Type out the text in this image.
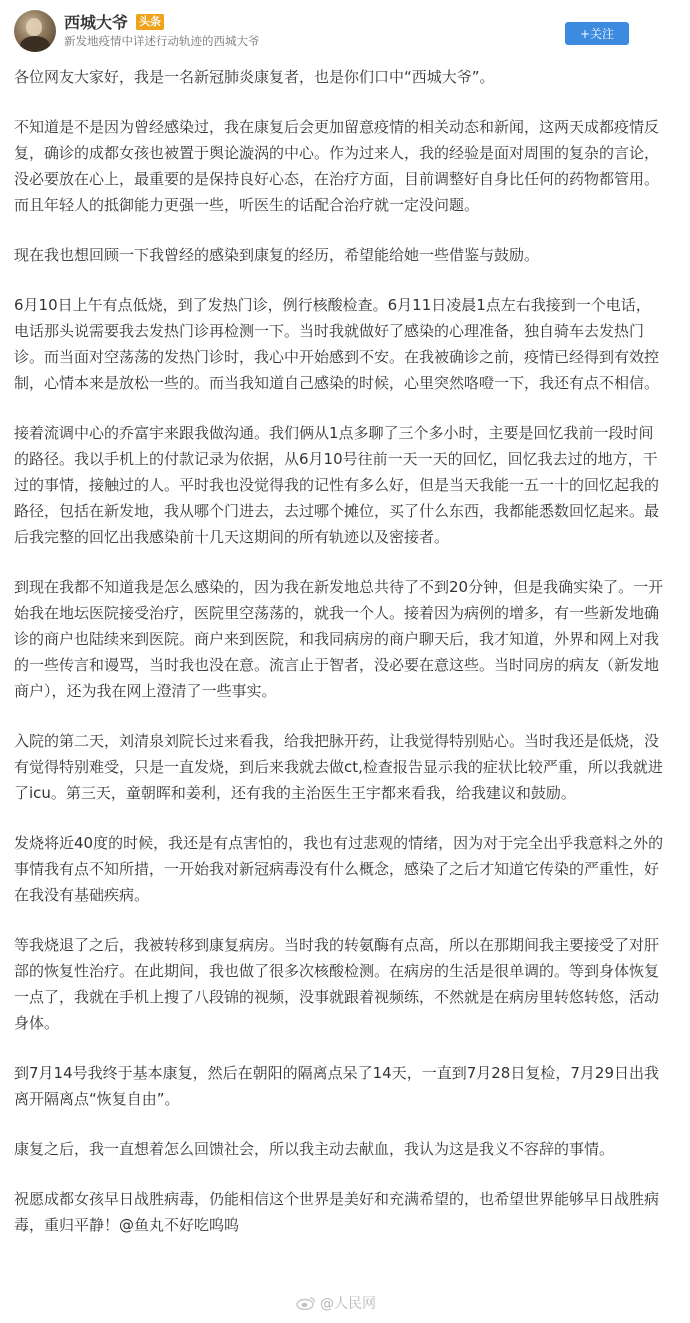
西城大爷 头条
新发地疫情中详述行动轨迹的西城大爷	+关注

各位网友大家好，我是一名新冠肺炎康复者，也是你们口中“西城大爷”。

不知道是不是因为曾经感染过，我在康复后会更加留意疫情的相关动态和新闻，这两天成都疫情反复，确诊的成都女孩也被置于舆论漩涡的中心。作为过来人，我的经验是面对周围的复杂的言论，没必要放在心上，最重要的是保持良好心态，在治疗方面，目前调整好自身比任何的药物都管用。而且年轻人的抵御能力更强一些，听医生的话配合治疗就一定没问题。

现在我也想回顾一下我曾经的感染到康复的经历，希望能给她一些借鉴与鼓励。

6月10日上午有点低烧，到了发热门诊，例行核酸检查。6月11日凌晨1点左右我接到一个电话，电话那头说需要我去发热门诊再检测一下。当时我就做好了感染的心理准备，独自骑车去发热门诊。而当面对空荡荡的发热门诊时，我心中开始感到不安。在我被确诊之前，疫情已经得到有效控制，心情本来是放松一些的。而当我知道自己感染的时候，心里突然咯噔一下，我还有点不相信。

接着流调中心的乔富宇来跟我做沟通。我们俩从1点多聊了三个多小时，主要是回忆我前一段时间的路径。我以手机上的付款记录为依据，从6月10号往前一天一天的回忆，回忆我去过的地方，干过的事情，接触过的人。平时我也没觉得我的记性有多么好，但是当天我能一五一十的回忆起我的路径，包括在新发地，我从哪个门进去，去过哪个摊位，买了什么东西，我都能悉数回忆起来。最后我完整的回忆出我感染前十几天这期间的所有轨迹以及密接者。

到现在我都不知道我是怎么感染的，因为我在新发地总共待了不到20分钟，但是我确实染了。一开始我在地坛医院接受治疗，医院里空荡荡的，就我一个人。接着因为病例的增多，有一些新发地确诊的商户也陆续来到医院。商户来到医院，和我同病房的商户聊天后，我才知道，外界和网上对我的一些传言和谩骂，当时我也没在意。流言止于智者，没必要在意这些。当时同房的病友（新发地商户），还为我在网上澄清了一些事实。

入院的第二天，刘清泉刘院长过来看我，给我把脉开药，让我觉得特别贴心。当时我还是低烧，没有觉得特别难受，只是一直发烧，到后来我就去做ct,检查报告显示我的症状比较严重，所以我就进了icu。第三天，童朝晖和姜利，还有我的主治医生王宇都来看我，给我建议和鼓励。

发烧将近40度的时候，我还是有点害怕的，我也有过悲观的情绪，因为对于完全出乎我意料之外的事情我有点不知所措，一开始我对新冠病毒没有什么概念，感染了之后才知道它传染的严重性，好在我没有基础疾病。

等我烧退了之后，我被转移到康复病房。当时我的转氨酶有点高，所以在那期间我主要接受了对肝部的恢复性治疗。在此期间，我也做了很多次核酸检测。在病房的生活是很单调的。等到身体恢复一点了，我就在手机上搜了八段锦的视频，没事就跟着视频练，不然就是在病房里转悠转悠，活动身体。

到7月14号我终于基本康复，然后在朝阳的隔离点呆了14天，一直到7月28日复检，7月29日出我离开隔离点“恢复自由”。

康复之后，我一直想着怎么回馈社会，所以我主动去献血，我认为这是我义不容辞的事情。

祝愿成都女孩早日战胜病毒，仍能相信这个世界是美好和充满希望的，也希望世界能够早日战胜病毒，重归平静！@鱼丸不好吃呜呜

@人民网
